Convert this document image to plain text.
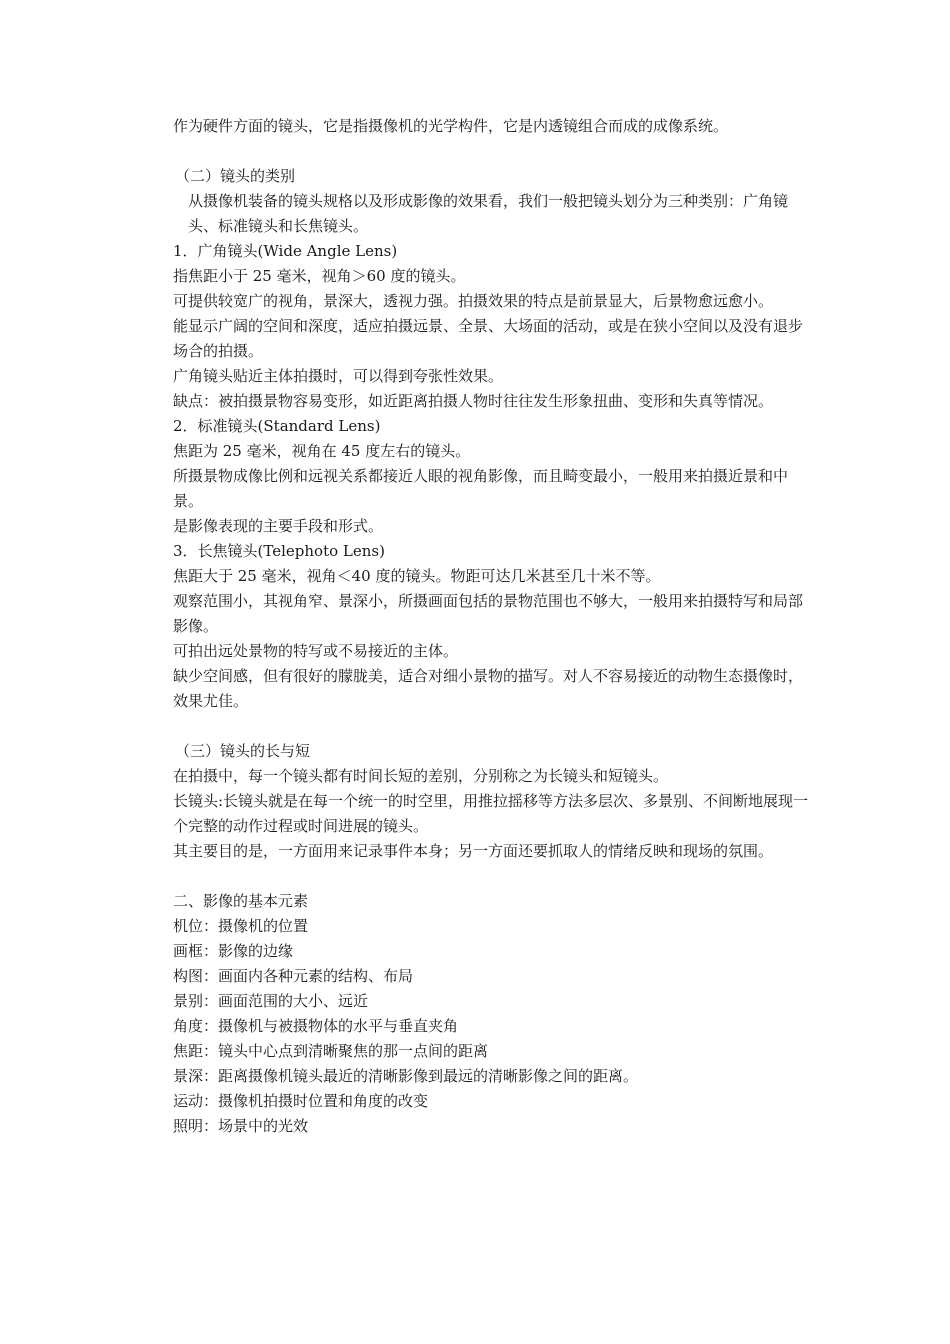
作为硬件方面的镜头，它是指摄像机的光学构件，它是内透镜组合而成的成像系统。

（二）镜头的类别

从摄像机装备的镜头规格以及形成影像的效果看，我们一般把镜头划分为三种类别：广角镜头、标准镜头和长焦镜头。

1．广角镜头(Wide Angle Lens)

指焦距小于 25 毫米，视角＞60 度的镜头。

可提供较宽广的视角，景深大，透视力强。拍摄效果的特点是前景显大，后景物愈远愈小。

能显示广阔的空间和深度，适应拍摄远景、全景、大场面的活动，或是在狭小空间以及没有退步场合的拍摄。

广角镜头贴近主体拍摄时，可以得到夸张性效果。

缺点：被拍摄景物容易变形，如近距离拍摄人物时往往发生形象扭曲、变形和失真等情况。

2．标准镜头(Standard Lens)

焦距为 25 毫米，视角在 45 度左右的镜头。

所摄景物成像比例和远视关系都接近人眼的视角影像，而且畸变最小，一般用来拍摄近景和中景。

是影像表现的主要手段和形式。

3．长焦镜头(Telephoto Lens)

焦距大于 25 毫米，视角＜40 度的镜头。物距可达几米甚至几十米不等。

观察范围小，其视角窄、景深小，所摄画面包括的景物范围也不够大，一般用来拍摄特写和局部影像。

可拍出远处景物的特写或不易接近的主体。

缺少空间感，但有很好的朦胧美，适合对细小景物的描写。对人不容易接近的动物生态摄像时，效果尤佳。

（三）镜头的长与短

在拍摄中，每一个镜头都有时间长短的差别，分别称之为长镜头和短镜头。

长镜头:长镜头就是在每一个统一的时空里，用推拉摇移等方法多层次、多景别、不间断地展现一个完整的动作过程或时间进展的镜头。

其主要目的是，一方面用来记录事件本身；另一方面还要抓取人的情绪反映和现场的氛围。

二、影像的基本元素

机位：摄像机的位置

画框：影像的边缘

构图：画面内各种元素的结构、布局

景别：画面范围的大小、远近

角度：摄像机与被摄物体的水平与垂直夹角

焦距：镜头中心点到清晰聚焦的那一点间的距离

景深：距离摄像机镜头最近的清晰影像到最远的清晰影像之间的距离。

运动：摄像机拍摄时位置和角度的改变

照明：场景中的光效
